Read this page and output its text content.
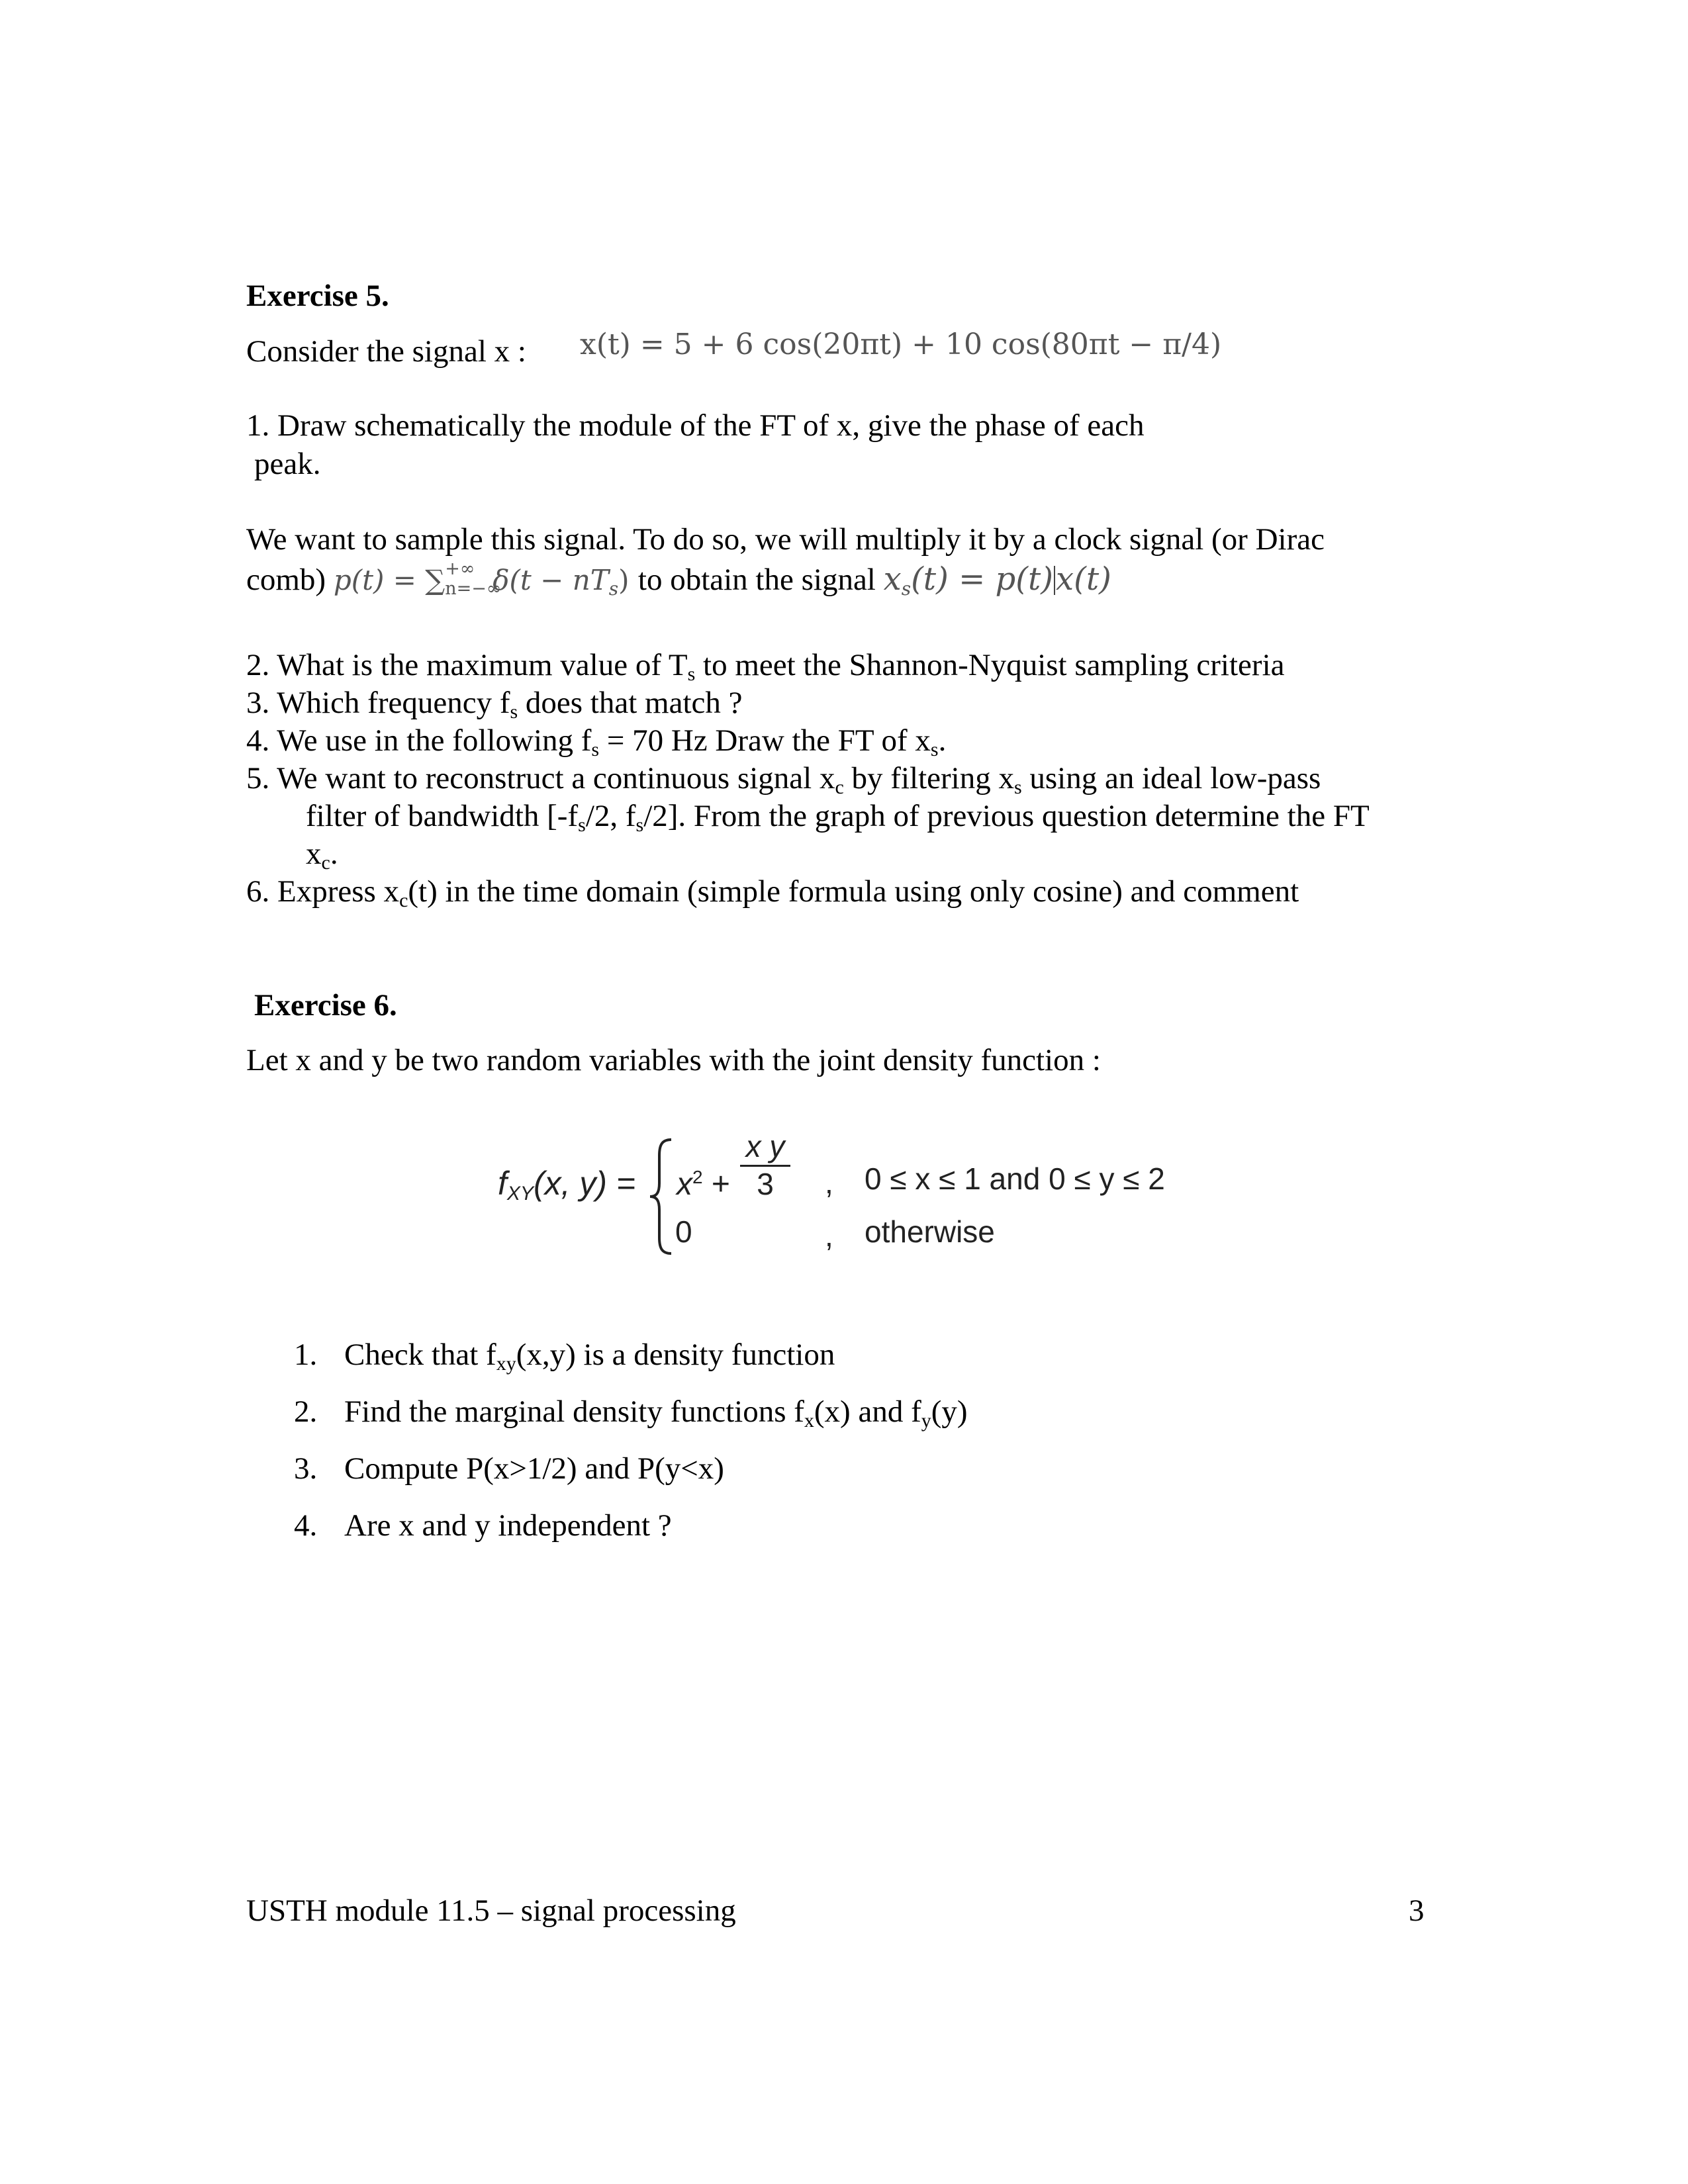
Exercise 5.
Consider the signal x : x(t) = 5 + 6 cos(20πt) + 10 cos(80πt − π/4)
1. Draw schematically the module of the FT of x, give the phase of each
peak.
We want to sample this signal. To do so, we will multiply it by a clock signal (or Dirac
comb) p(t) = ∑ +∞
n=−∞
$\delta(t - nT_s)$ to obtain the signal $x_s(t) = p(t)x(t)$
2. What is the maximum value of $T_s$ to meet the Shannon-Nyquist sampling criteria
3. Which frequency $f_s$ does that match ?
4. We use in the following $f_s = 70$ Hz Draw the FT of $x_s$.
5. We want to reconstruct a continuous signal $x_c$ by filtering $x_s$ using an ideal low-pass
filter of bandwidth [$-f_s/2$, $f_s/2$]. From the graph of previous question determine the FT
$x_c$.
6. Express $x_c(t)$ in the time domain (simple formula using only cosine) and comment
Exercise 6.
Let x and y be two random variables with the joint density function :
$f_{XY}(x$, $y) = x^2$ +
x y
3	, 0 ≤ x ≤ 1 and 0 ≤ y ≤ 2
0	, otherwise
1. Check that $f_{xy}(x,y)$ is a density function
2. Find the marginal density functions $f_x(x)$ and $f_y(y)$
3. Compute P(x>1/2) and P(y<x)
4. Are x and y independent ?
USTH module 11.5 – signal processing	3
